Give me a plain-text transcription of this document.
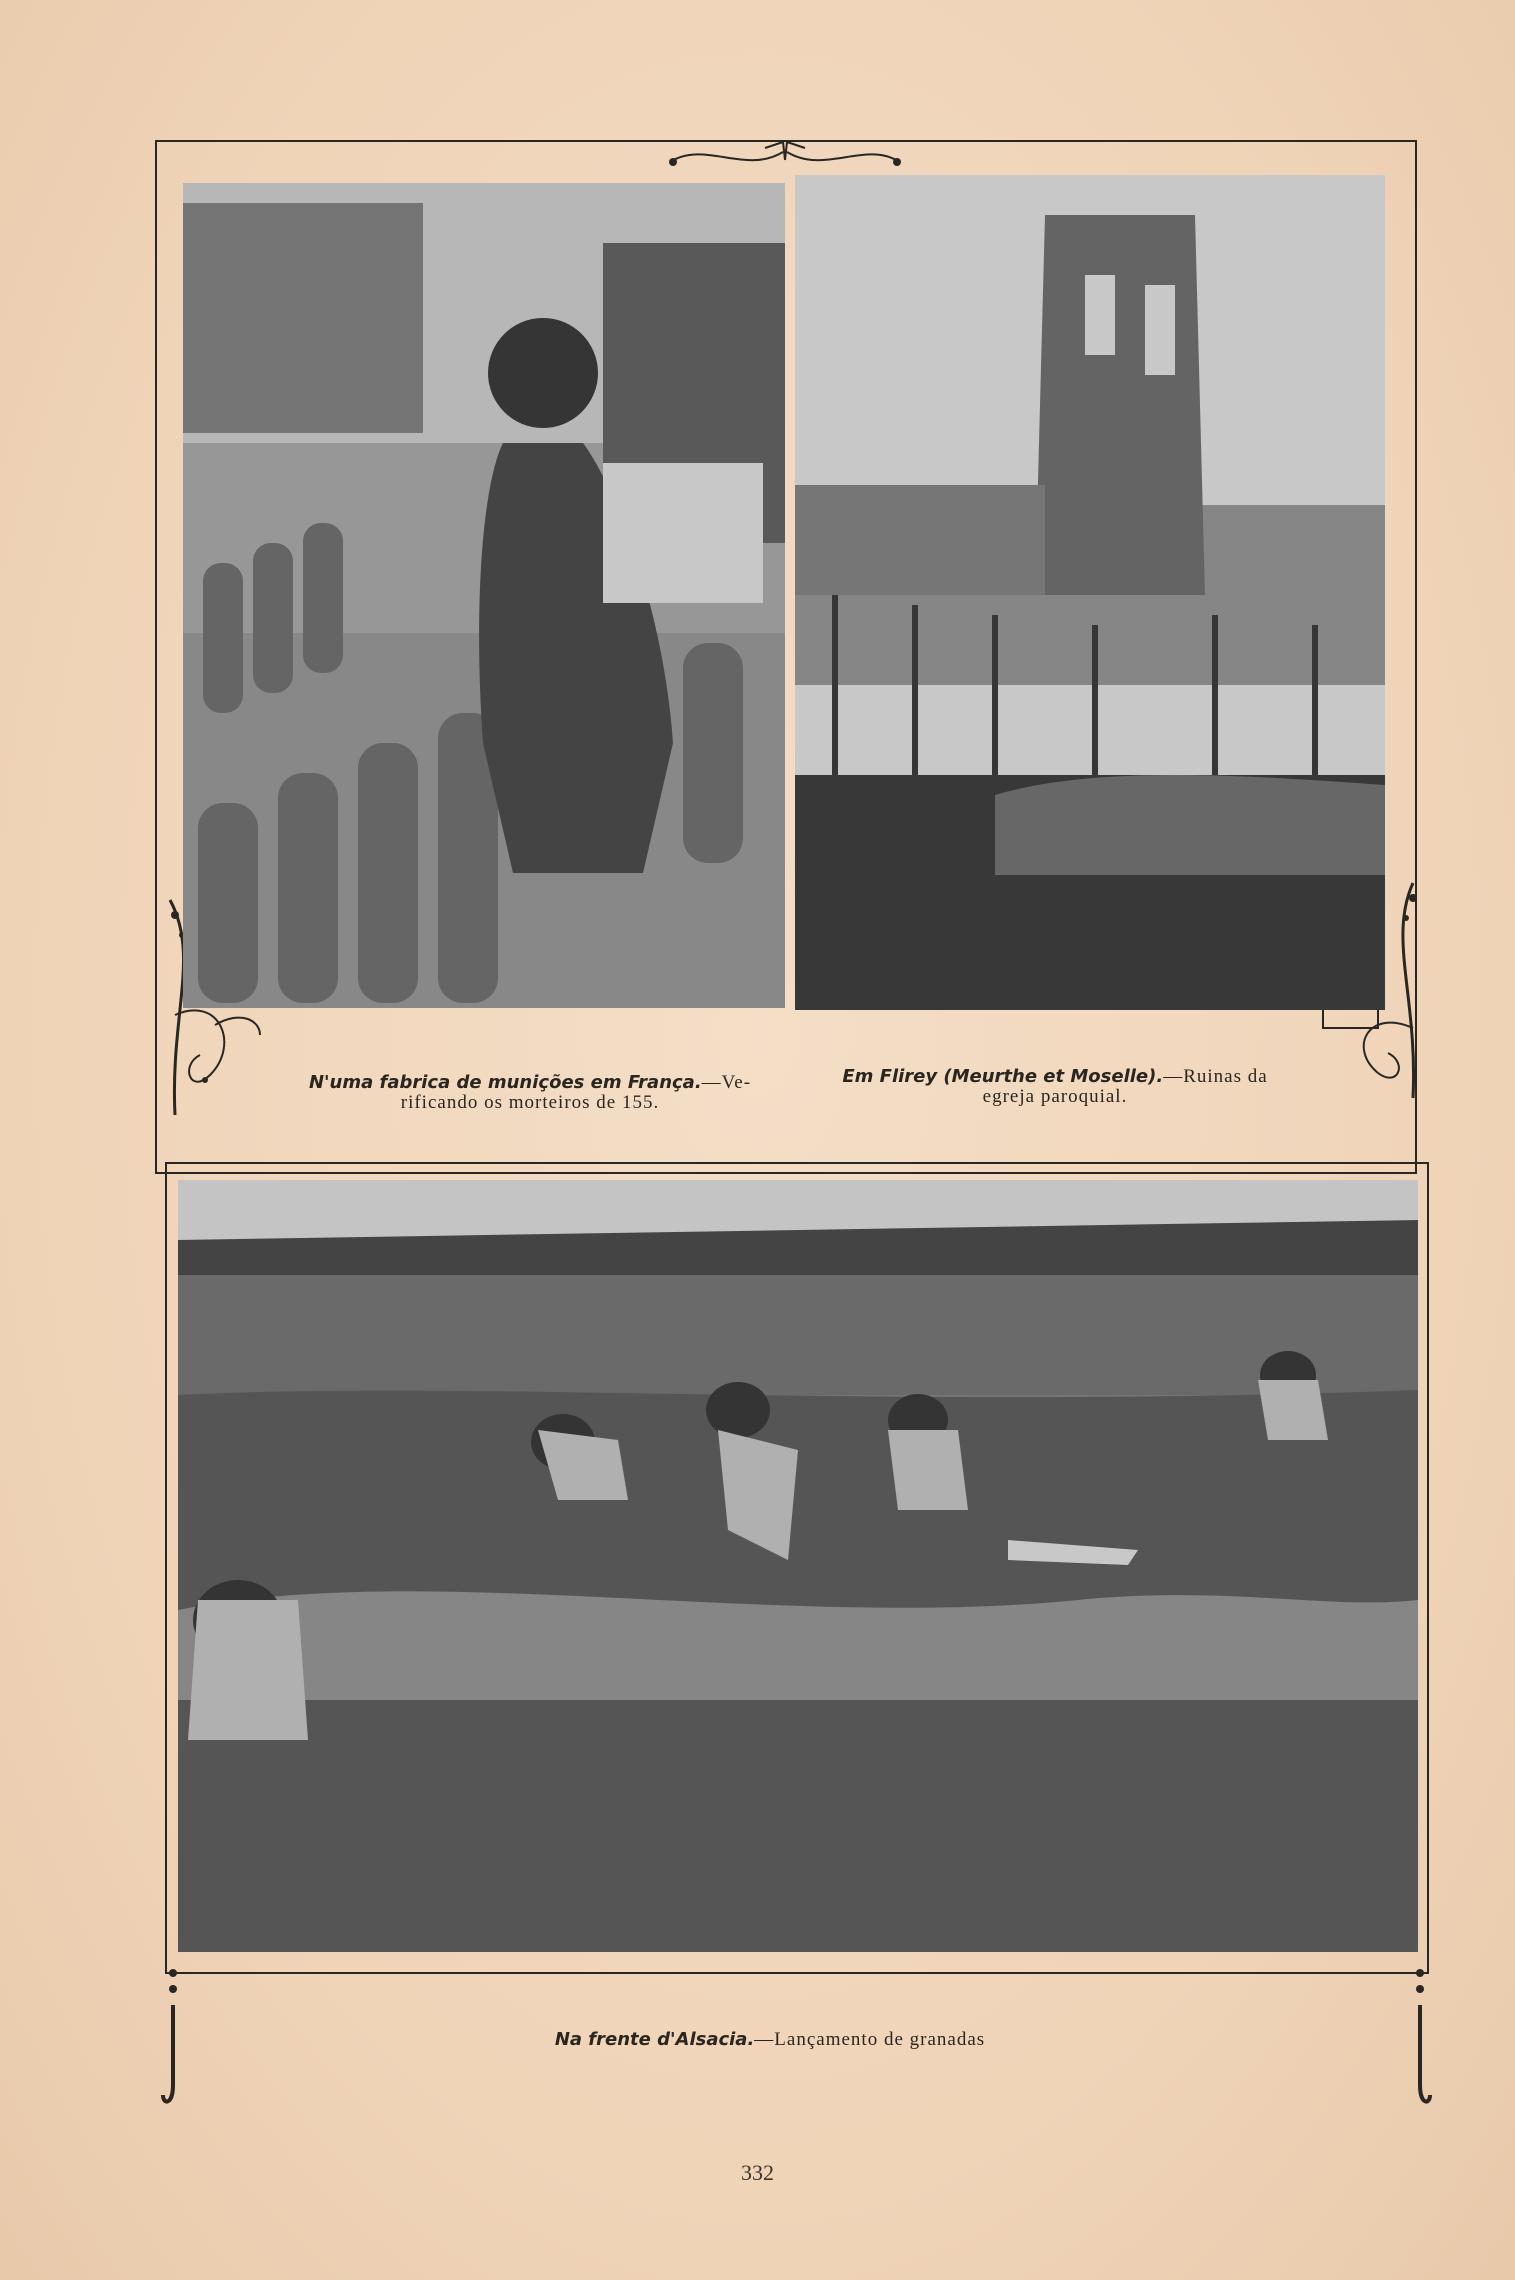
N'uma fabrica de munições em França.—Ve-
rificando os morteiros de 155.
Em Flirey (Meurthe et Moselle).—Ruinas da
egreja paroquial.
Na frente d'Alsacia.—Lançamento de granadas
332
